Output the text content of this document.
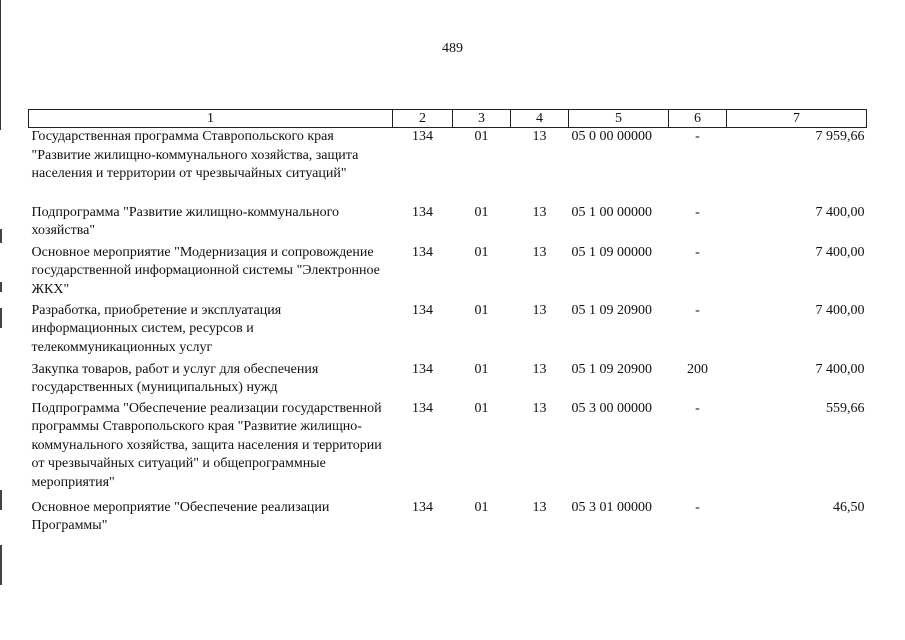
489
1	2	3	4	5	6	7
Государственная программа Ставропольского края "Развитие жилищно-коммунального хозяйства, защита населения и территории от чрезвычайных ситуаций"	134	01	13	05 0 00 00000	-	7 959,66
Подпрограмма "Развитие жилищно-коммунального хозяйства"	134	01	13	05 1 00 00000	-	7 400,00
Основное мероприятие "Модернизация и сопровождение государственной информационной системы "Электронное ЖКХ"	134	01	13	05 1 09 00000	-	7 400,00
Разработка, приобретение и эксплуатация информационных систем, ресурсов и телекоммуникационных услуг	134	01	13	05 1 09 20900	-	7 400,00
Закупка товаров, работ и услуг для обеспечения государственных (муниципальных) нужд	134	01	13	05 1 09 20900	200	7 400,00
Подпрограмма "Обеспечение реализации государственной программы Ставропольского края "Развитие жилищно-коммунального хозяйства, защита населения и территории от чрезвычайных ситуаций" и общепрограммные мероприятия"	134	01	13	05 3 00 00000	-	559,66
Основное мероприятие "Обеспечение реализации Программы"	134	01	13	05 3 01 00000	-	46,50
